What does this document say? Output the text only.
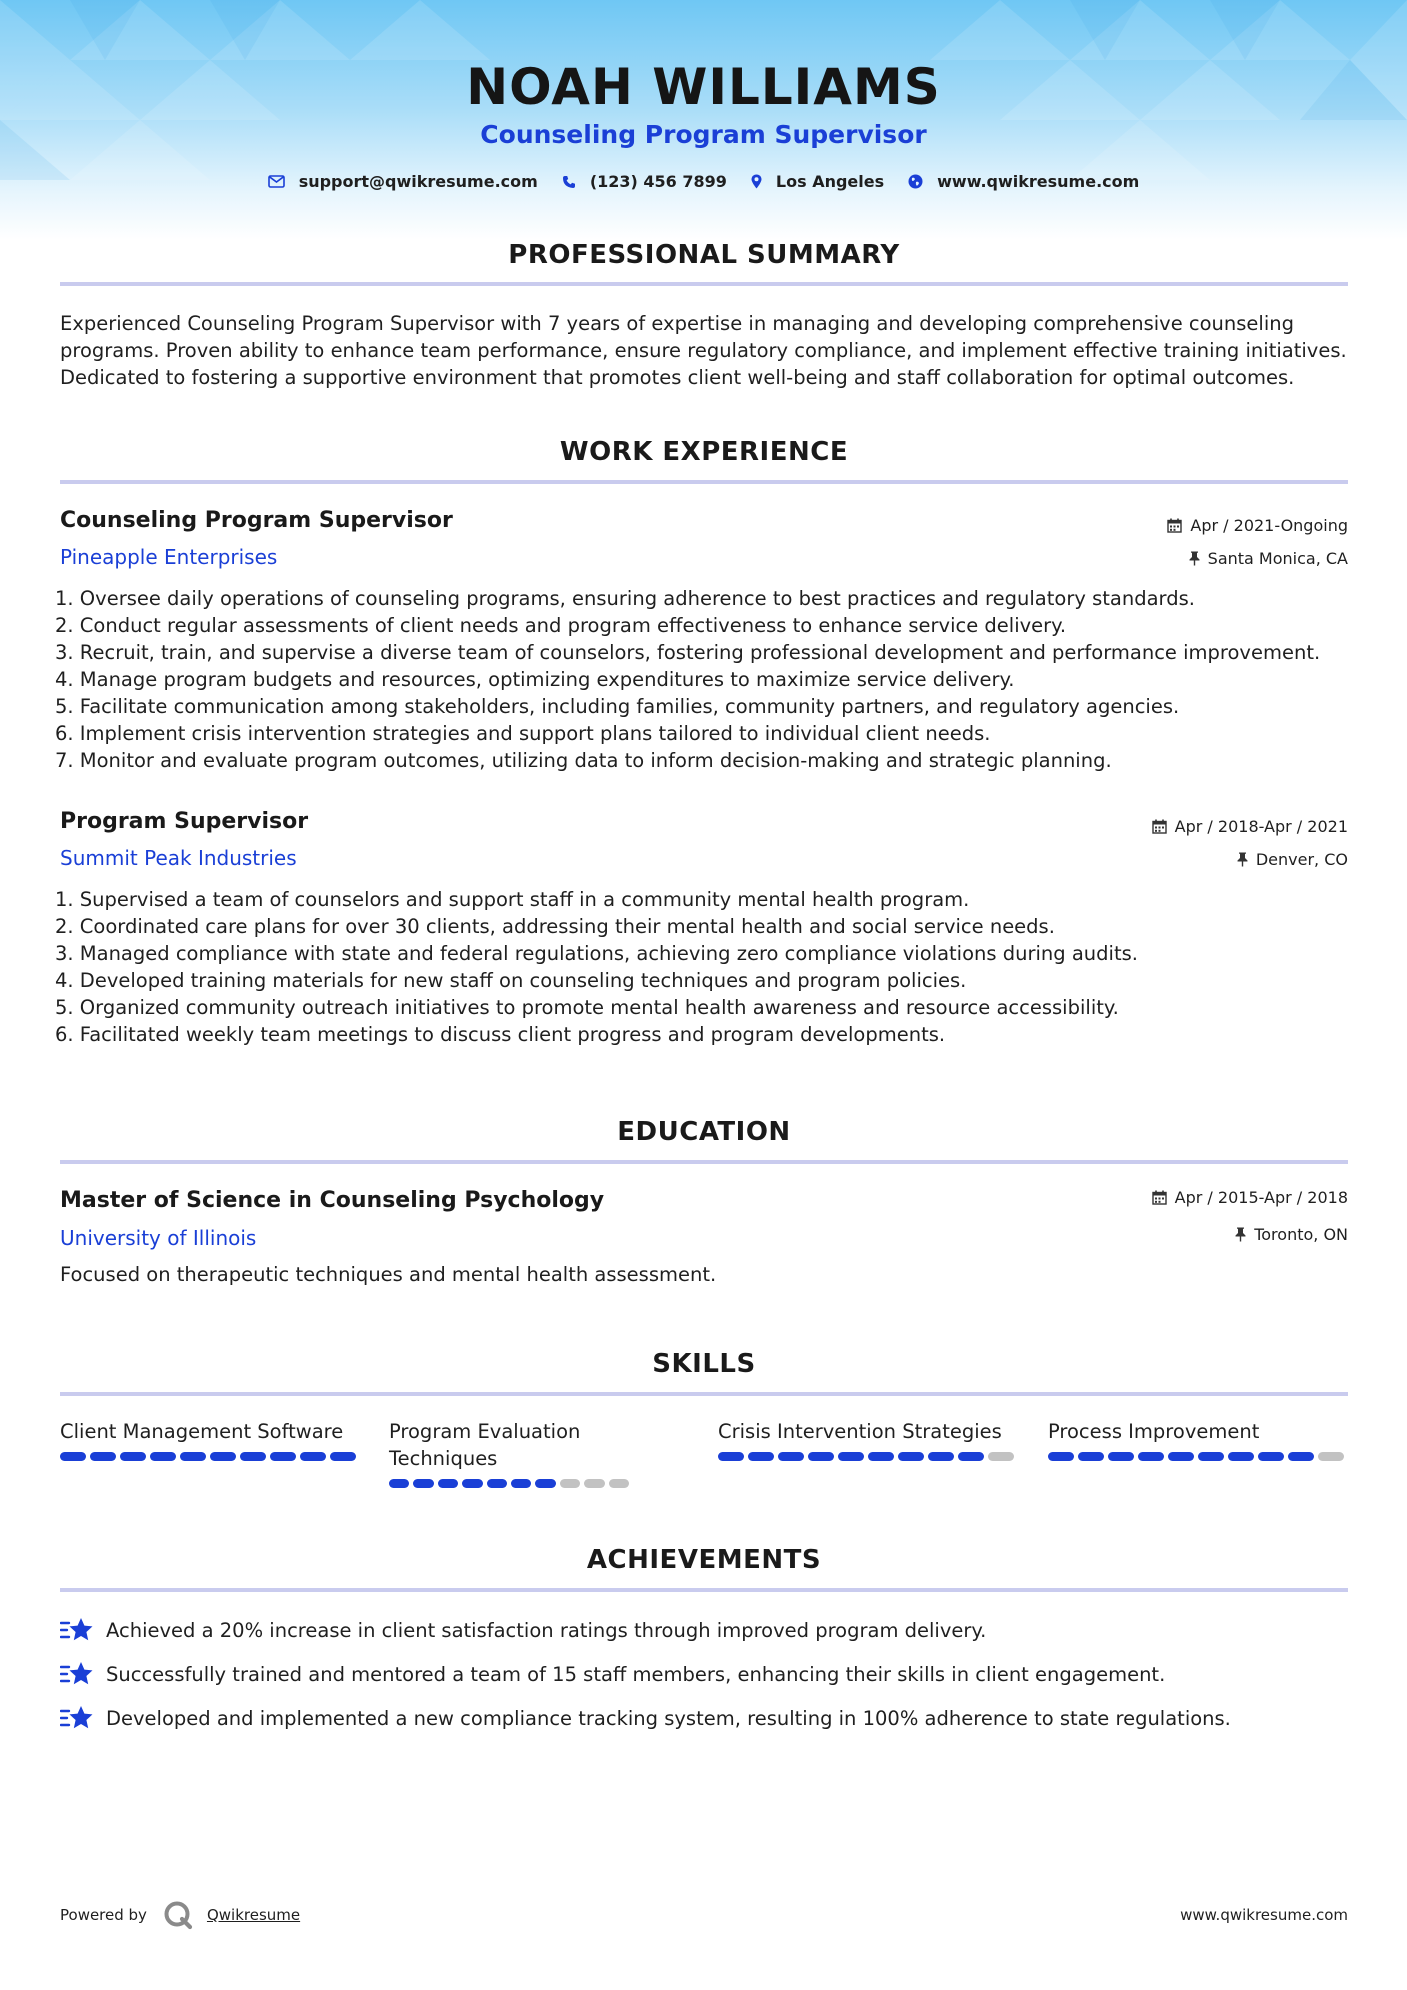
NOAH WILLIAMS
Counseling Program Supervisor
support@qwikresume.com	(123) 456 7899	Los Angeles	www.qwikresume.com
PROFESSIONAL SUMMARY
Experienced Counseling Program Supervisor with 7 years of expertise in managing and developing comprehensive counseling programs. Proven ability to enhance team performance, ensure regulatory compliance, and implement effective training initiatives. Dedicated to fostering a supportive environment that promotes client well-being and staff collaboration for optimal outcomes.
WORK EXPERIENCE
Counseling Program Supervisor
Pineapple Enterprises
Apr / 2021-Ongoing
Santa Monica, CA
1. Oversee daily operations of counseling programs, ensuring adherence to best practices and regulatory standards.
2. Conduct regular assessments of client needs and program effectiveness to enhance service delivery.
3. Recruit, train, and supervise a diverse team of counselors, fostering professional development and performance improvement.
4. Manage program budgets and resources, optimizing expenditures to maximize service delivery.
5. Facilitate communication among stakeholders, including families, community partners, and regulatory agencies.
6. Implement crisis intervention strategies and support plans tailored to individual client needs.
7. Monitor and evaluate program outcomes, utilizing data to inform decision-making and strategic planning.
Program Supervisor
Summit Peak Industries
Apr / 2018-Apr / 2021
Denver, CO
1. Supervised a team of counselors and support staff in a community mental health program.
2. Coordinated care plans for over 30 clients, addressing their mental health and social service needs.
3. Managed compliance with state and federal regulations, achieving zero compliance violations during audits.
4. Developed training materials for new staff on counseling techniques and program policies.
5. Organized community outreach initiatives to promote mental health awareness and resource accessibility.
6. Facilitated weekly team meetings to discuss client progress and program developments.
EDUCATION
Master of Science in Counseling Psychology
University of Illinois
Apr / 2015-Apr / 2018
Toronto, ON
Focused on therapeutic techniques and mental health assessment.
SKILLS
Client Management Software	Program Evaluation Techniques
Crisis Intervention Strategies	Process Improvement
ACHIEVEMENTS
Achieved a 20% increase in client satisfaction ratings through improved program delivery.
Successfully trained and mentored a team of 15 staff members, enhancing their skills in client engagement.
Developed and implemented a new compliance tracking system, resulting in 100% adherence to state regulations.
Powered by	Qwikresume	www.qwikresume.com
